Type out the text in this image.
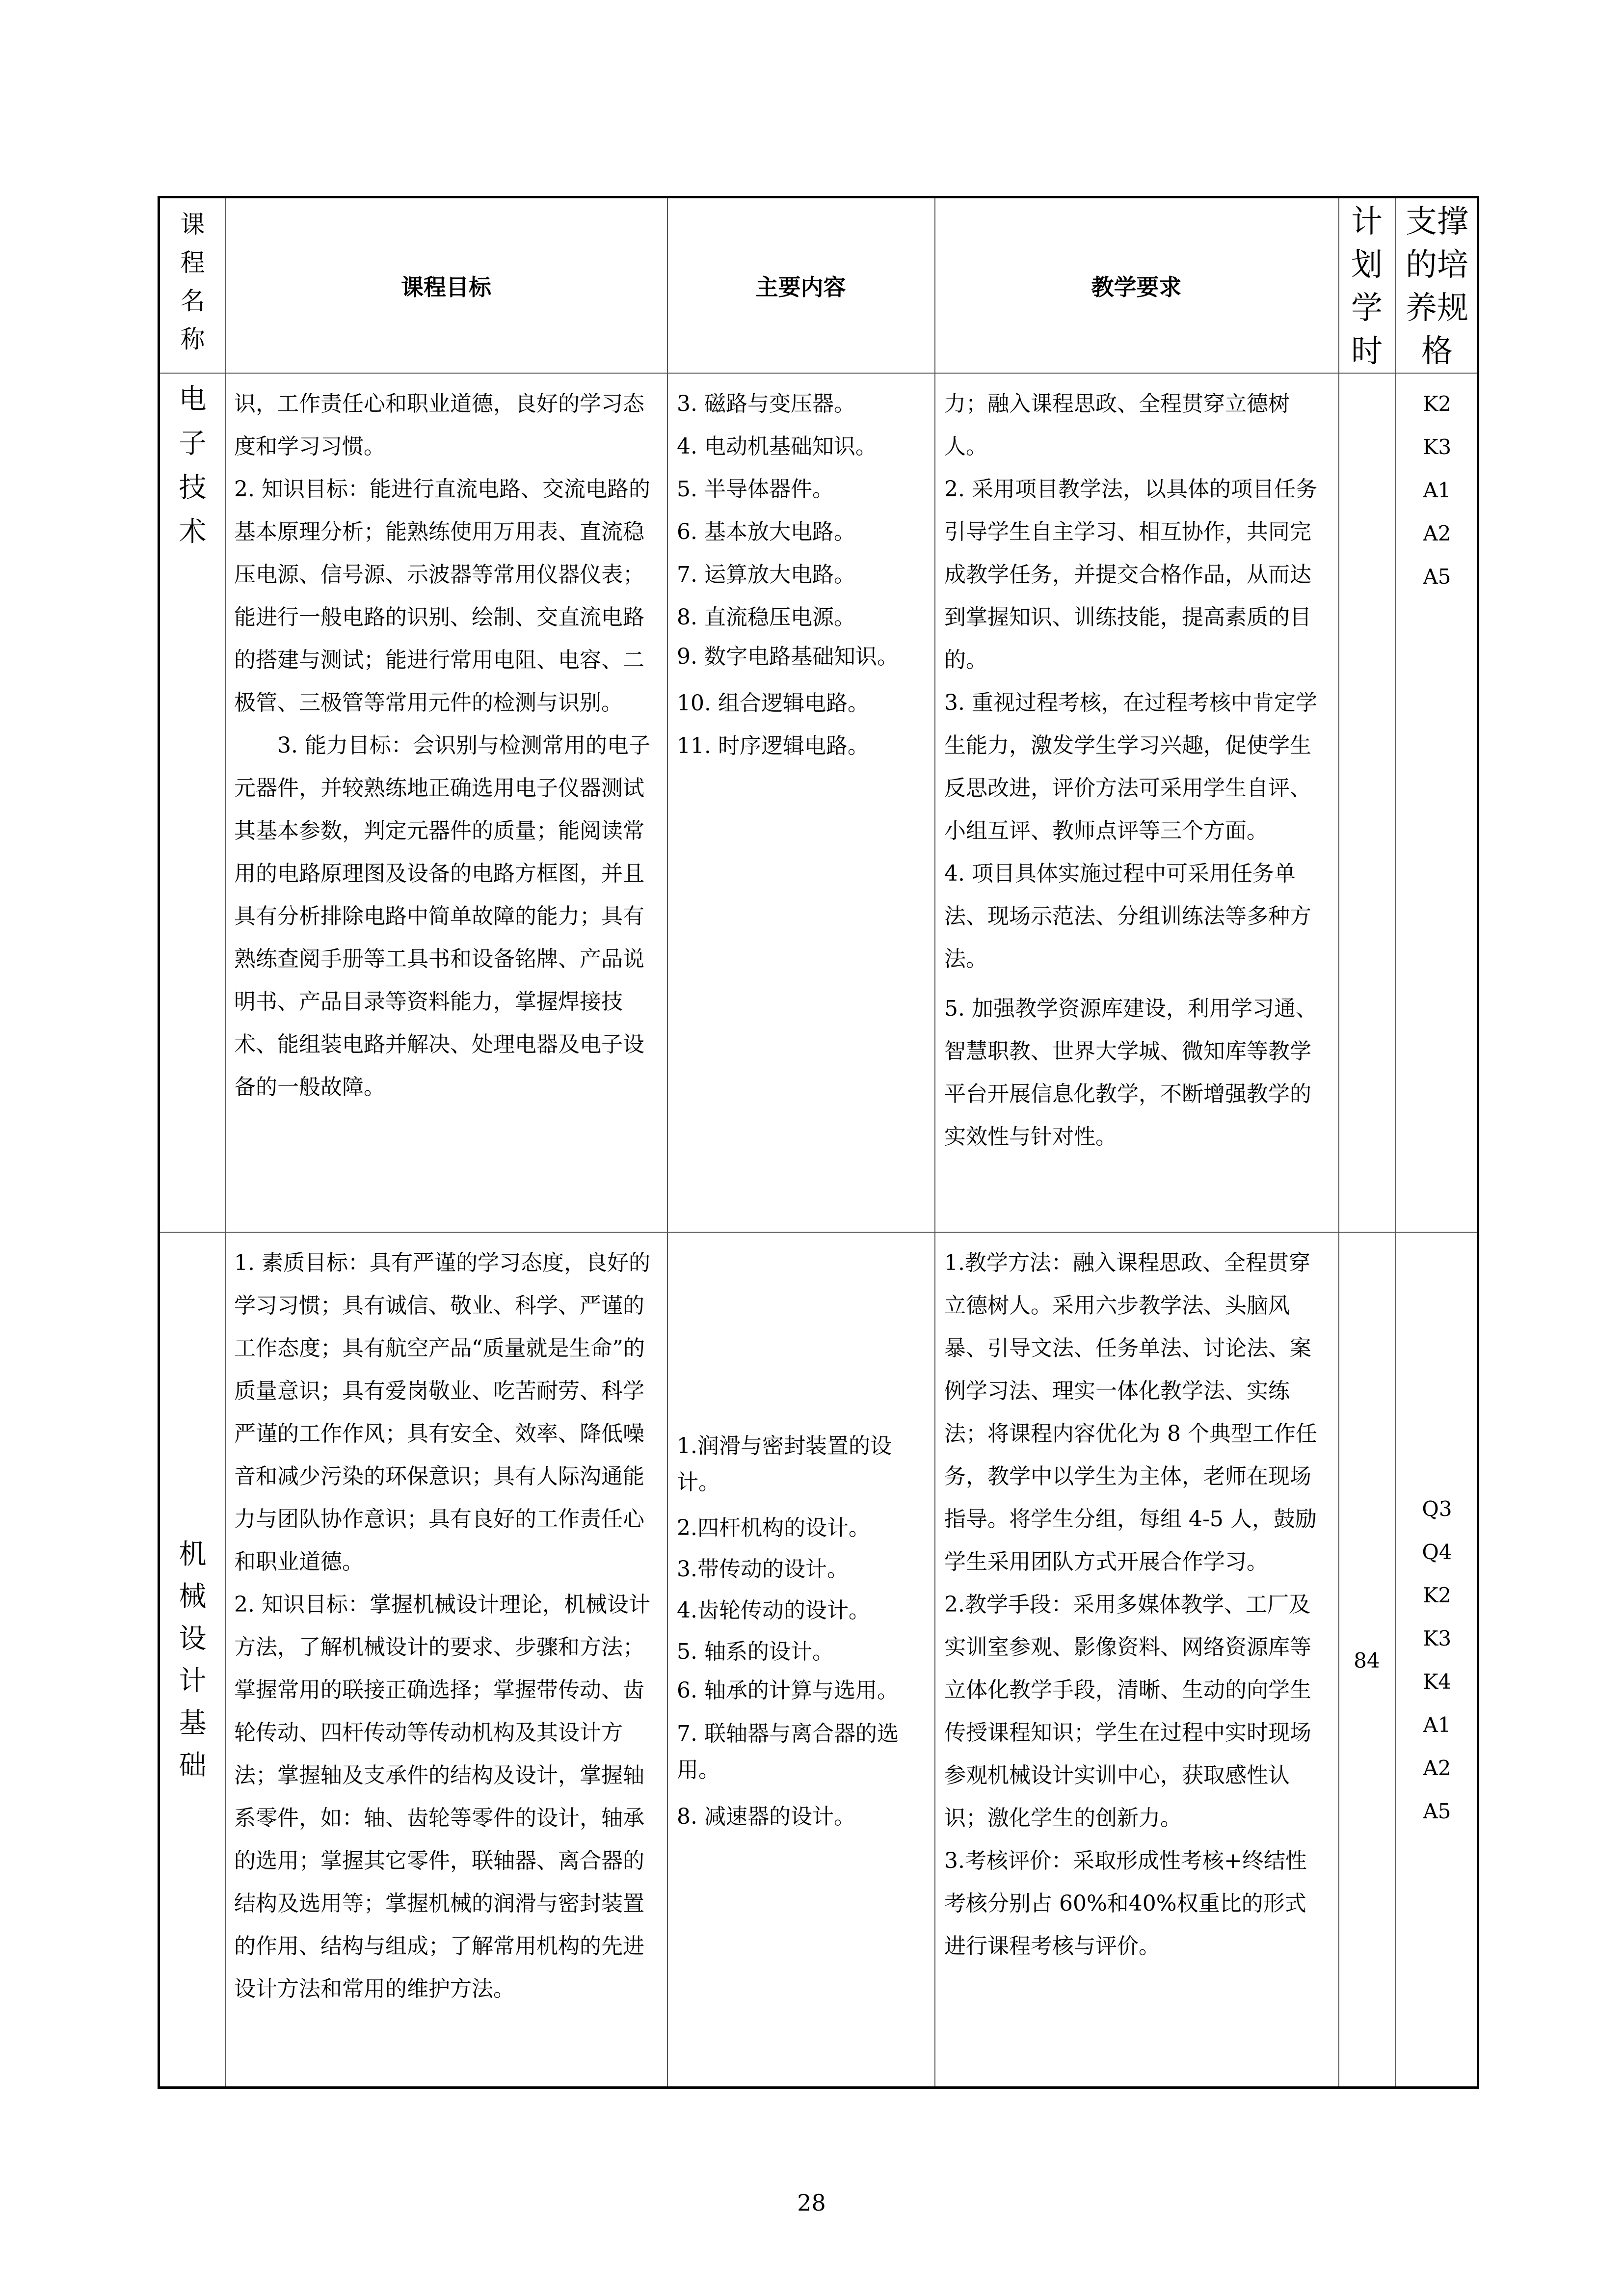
课
程
名
称
课程目标	主要内容	教学要求
计
划
学
时
支撑
的培
养规
格
电
子
技
术

识，工作责任心和职业道德，良好的学习态度和学习习惯。

2. 知识目标：能进行直流电路、交流电路的基本原理分析；能熟练使用万用表、直流稳压电源、信号源、示波器等常用仪器仪表；能进行一般电路的识别、绘制、交直流电路的搭建与测试；能进行常用电阻、电容、二极管、三极管等常用元件的检测与识别。

3. 能力目标：会识别与检测常用的电子元器件，并较熟练地正确选用电子仪器测试其基本参数，判定元器件的质量；能阅读常用的电路原理图及设备的电路方框图，并且具有分析排除电路中简单故障的能力；具有熟练查阅手册等工具书和设备铭牌、产品说明书、产品目录等资料能力，掌握焊接技术、能组装电路并解决、处理电器及电子设备的一般故障。

3. 磁路与变压器。

4. 电动机基础知识。

5. 半导体器件。

6. 基本放大电路。

7. 运算放大电路。

8. 直流稳压电源。

9. 数字电路基础知识。

10. 组合逻辑电路。

11. 时序逻辑电路。

力；融入课程思政、全程贯穿立德树人。

2. 采用项目教学法，以具体的项目任务引导学生自主学习、相互协作，共同完成教学任务，并提交合格作品，从而达到掌握知识、训练技能，提高素质的目的。

3. 重视过程考核，在过程考核中肯定学生能力，激发学生学习兴趣，促使学生反思改进，评价方法可采用学生自评、小组互评、教师点评等三个方面。

4. 项目具体实施过程中可采用任务单法、现场示范法、分组训练法等多种方法。

5. 加强教学资源库建设，利用学习通、智慧职教、世界大学城、微知库等教学平台开展信息化教学，不断增强教学的实效性与针对性。

K2
K3
A1
A2
A5
机
械
设
计
基
础

1. 素质目标：具有严谨的学习态度，良好的学习习惯；具有诚信、敬业、科学、严谨的工作态度；具有航空产品“质量就是生命”的质量意识；具有爱岗敬业、吃苦耐劳、科学严谨的工作作风；具有安全、效率、降低噪音和减少污染的环保意识；具有人际沟通能力与团队协作意识；具有良好的工作责任心和职业道德。

2. 知识目标：掌握机械设计理论，机械设计方法，了解机械设计的要求、步骤和方法；掌握常用的联接正确选择；掌握带传动、齿轮传动、四杆传动等传动机构及其设计方法；掌握轴及支承件的结构及设计，掌握轴系零件，如：轴、齿轮等零件的设计，轴承的选用；掌握其它零件，联轴器、离合器的结构及选用等；掌握机械的润滑与密封装置的作用、结构与组成；了解常用机构的先进设计方法和常用的维护方法。

1.润滑与密封装置的设计。

2.四杆机构的设计。

3.带传动的设计。

4.齿轮传动的设计。

5. 轴系的设计。

6. 轴承的计算与选用。

7. 联轴器与离合器的选用。

8. 减速器的设计。

1.教学方法：融入课程思政、全程贯穿立德树人。采用六步教学法、头脑风暴、引导文法、任务单法、讨论法、案例学习法、理实一体化教学法、实练法；将课程内容优化为 8 个典型工作任务，教学中以学生为主体，老师在现场指导。将学生分组，每组 4-5 人，鼓励学生采用团队方式开展合作学习。

2.教学手段：采用多媒体教学、工厂及实训室参观、影像资料、网络资源库等立体化教学手段，清晰、生动的向学生传授课程知识；学生在过程中实时现场参观机械设计实训中心，获取感性认识；激化学生的创新力。

3.考核评价：采取形成性考核+终结性考核分别占 60%和40%权重比的形式进行课程考核与评价。

84
Q3
Q4
K2
K3
K4
A1
A2
A5
28
